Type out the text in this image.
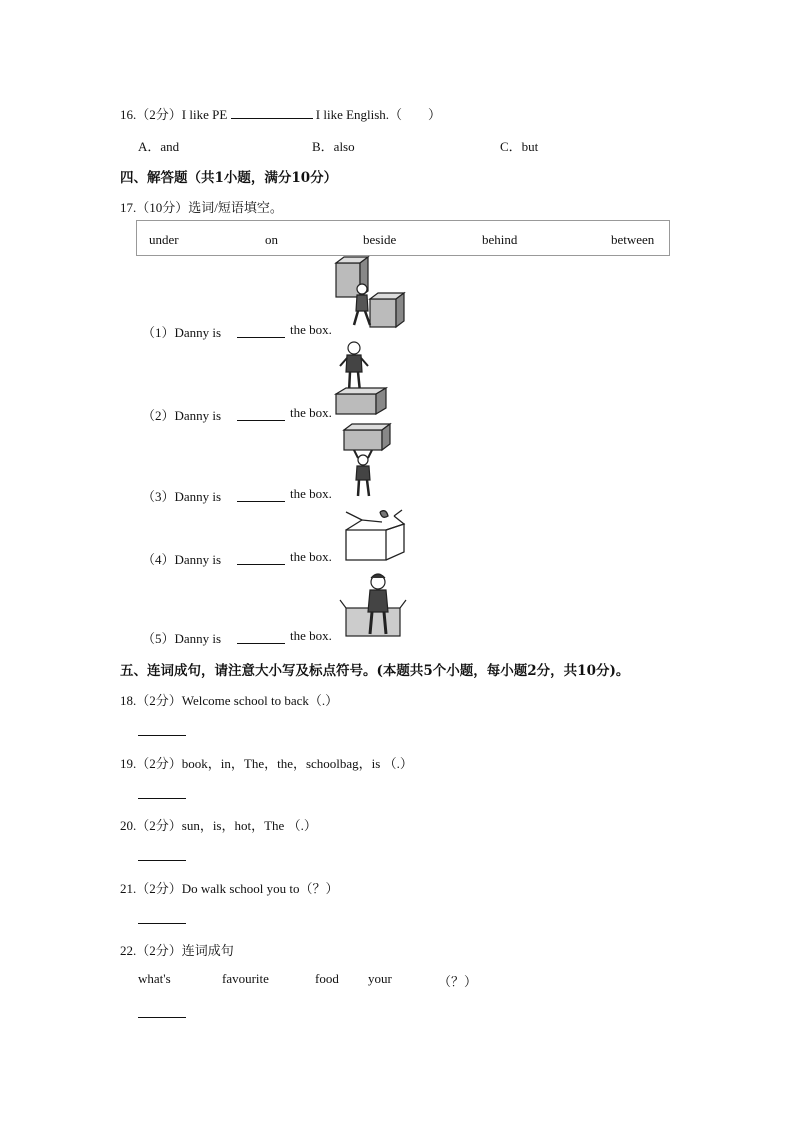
16.（2分）I like PE	I like English.（　　）
A．and	B．also	C．but
四、解答题（共1小题，满分10分）
17.（10分）选词/短语填空。
under	on	beside	behind	between
（1）Danny is	the box.
（2）Danny is	the box.
（3）Danny is	the box.
（4）Danny is	the box.
（5）Danny is	the box.
五、连词成句，请注意大小写及标点符号。(本题共5个小题，每小题2分，共10分)。
18.（2分）Welcome school to back（.）
19.（2分）book，in，The，the，schoolbag，is （.）
20.（2分）sun，is，hot，The （.）
21.（2分）Do walk school you to（？）
22.（2分）连词成句
what's	favourite	food your	（？）
